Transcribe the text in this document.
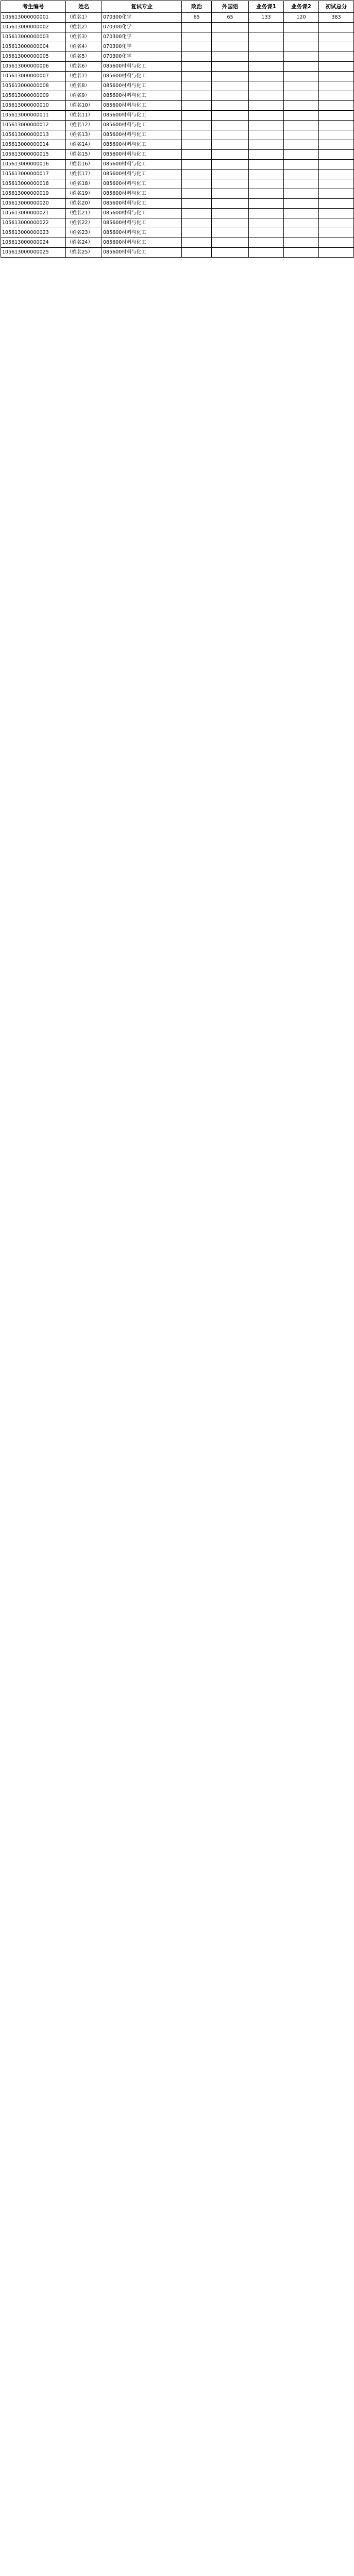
考生编号	姓名	复试专业	政治	外国语	业务课1	业务课2	初试总分
105613000000001	（姓名1）	070300化学	65	65	133	120	383
105613000000002	（姓名2）	070300化学					
105613000000003	（姓名3）	070300化学					
105613000000004	（姓名4）	070300化学					
105613000000005	（姓名5）	070300化学					
105613000000006	（姓名6）	085600材料与化工					
105613000000007	（姓名7）	085600材料与化工					
105613000000008	（姓名8）	085600材料与化工					
105613000000009	（姓名9）	085600材料与化工					
105613000000010	（姓名10）	085600材料与化工					
105613000000011	（姓名11）	085600材料与化工					
105613000000012	（姓名12）	085600材料与化工					
105613000000013	（姓名13）	085600材料与化工					
105613000000014	（姓名14）	085600材料与化工					
105613000000015	（姓名15）	085600材料与化工					
105613000000016	（姓名16）	085600材料与化工					
105613000000017	（姓名17）	085600材料与化工					
105613000000018	（姓名18）	085600材料与化工					
105613000000019	（姓名19）	085600材料与化工					
105613000000020	（姓名20）	085600材料与化工					
105613000000021	（姓名21）	085600材料与化工					
105613000000022	（姓名22）	085600材料与化工					
105613000000023	（姓名23）	085600材料与化工					
105613000000024	（姓名24）	085600材料与化工					
105613000000025	（姓名25）	085600材料与化工					
